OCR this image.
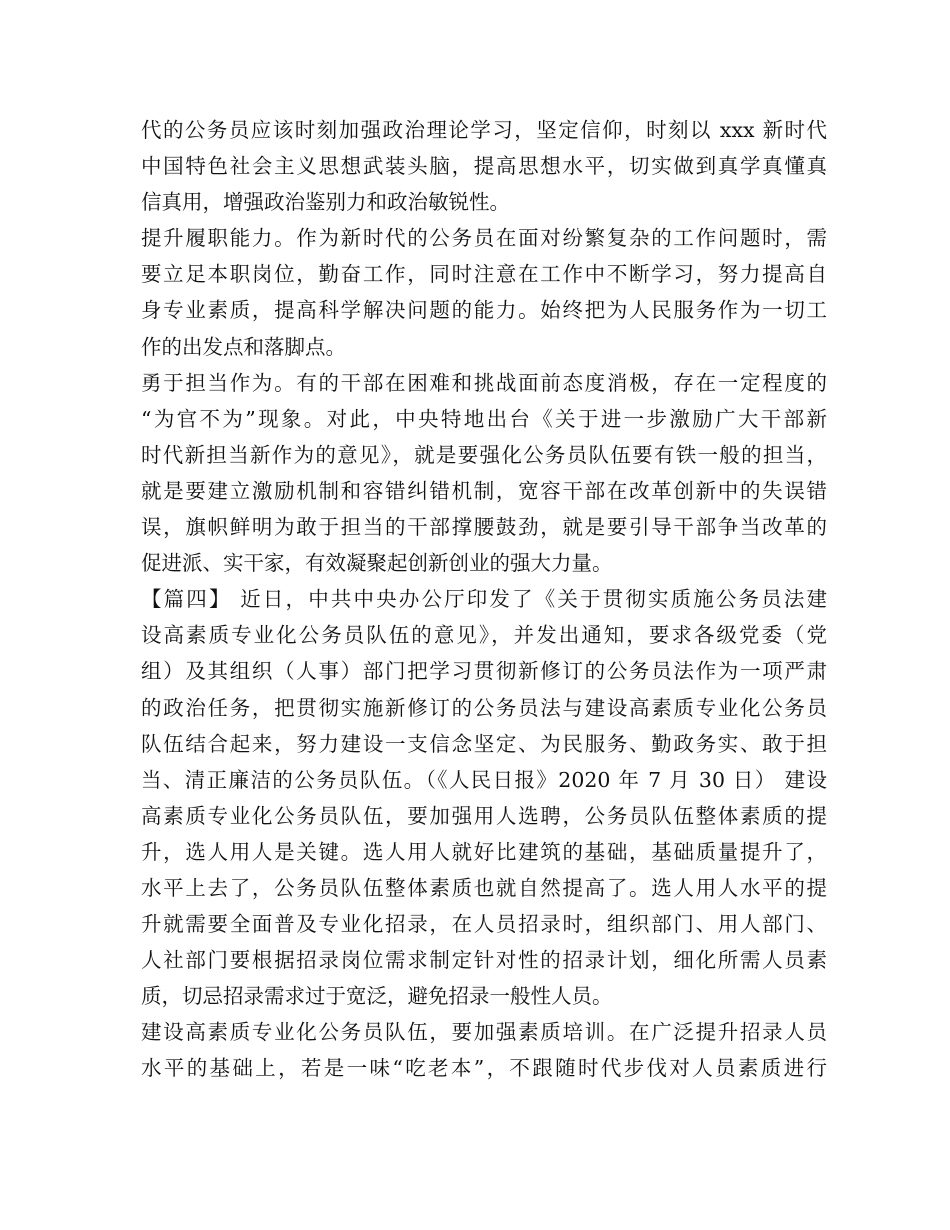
代的公务员应该时刻加强政治理论学习，坚定信仰，时刻以 xxx 新时代
中国特色社会主义思想武装头脑，提高思想水平，切实做到真学真懂真
信真用，增强政治鉴别力和政治敏锐性。
提升履职能力。作为新时代的公务员在面对纷繁复杂的工作问题时，需
要立足本职岗位，勤奋工作，同时注意在工作中不断学习，努力提高自
身专业素质，提高科学解决问题的能力。始终把为人民服务作为一切工
作的出发点和落脚点。
勇于担当作为。有的干部在困难和挑战面前态度消极，存在一定程度的
“为官不为”现象。对此，中央特地出台《关于进一步激励广大干部新
时代新担当新作为的意见》，就是要强化公务员队伍要有铁一般的担当，
就是要建立激励机制和容错纠错机制，宽容干部在改革创新中的失误错
误，旗帜鲜明为敢于担当的干部撑腰鼓劲，就是要引导干部争当改革的
促进派、实干家，有效凝聚起创新创业的强大力量。
【篇四】 近日，中共中央办公厅印发了《关于贯彻实质施公务员法建
设高素质专业化公务员队伍的意见》，并发出通知，要求各级党委（党
组）及其组织（人事）部门把学习贯彻新修订的公务员法作为一项严肃
的政治任务，把贯彻实施新修订的公务员法与建设高素质专业化公务员
队伍结合起来，努力建设一支信念坚定、为民服务、勤政务实、敢于担
当、清正廉洁的公务员队伍。（《人民日报》2020 年 7 月 30 日） 建设
高素质专业化公务员队伍，要加强用人选聘，公务员队伍整体素质的提
升，选人用人是关键。选人用人就好比建筑的基础，基础质量提升了，
水平上去了，公务员队伍整体素质也就自然提高了。选人用人水平的提
升就需要全面普及专业化招录，在人员招录时，组织部门、用人部门、
人社部门要根据招录岗位需求制定针对性的招录计划，细化所需人员素
质，切忌招录需求过于宽泛，避免招录一般性人员。
建设高素质专业化公务员队伍，要加强素质培训。在广泛提升招录人员
水平的基础上，若是一味“吃老本”，不跟随时代步伐对人员素质进行
